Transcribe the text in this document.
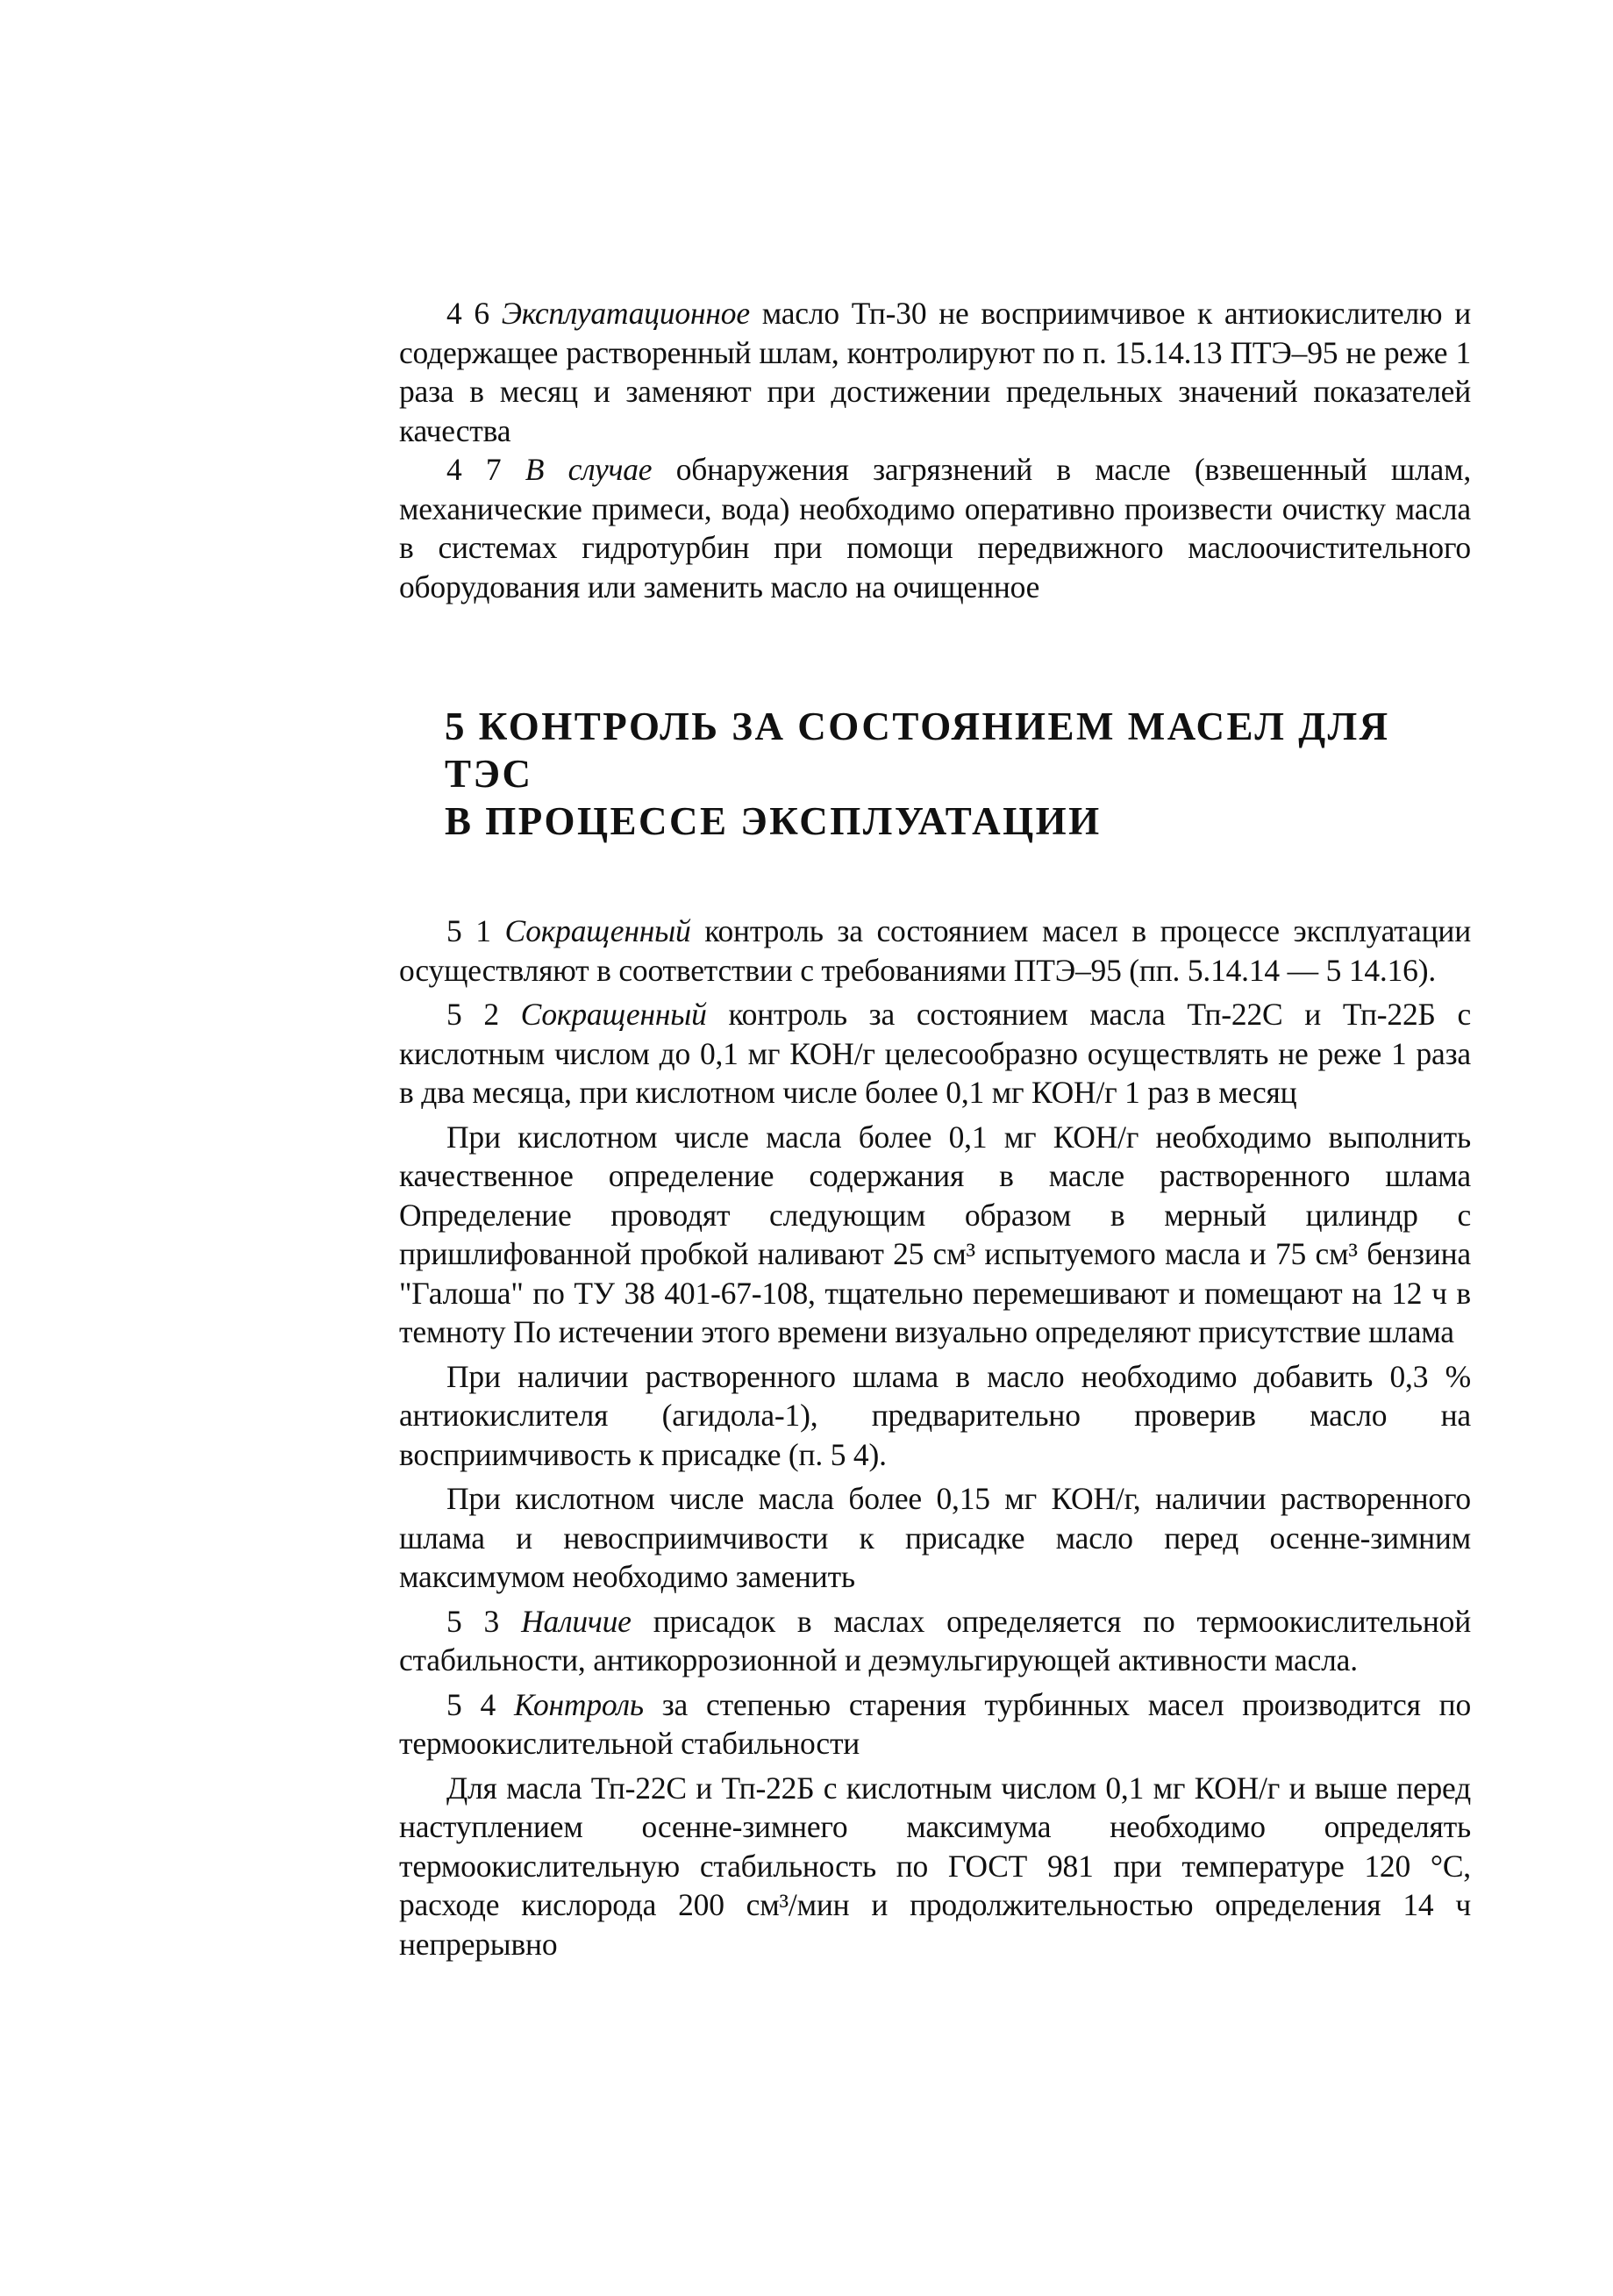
4 6 Эксплуатационное масло Тп-30 не восприимчивое к антиокислителю и содержащее растворенный шлам, контролируют по п. 15.14.13 ПТЭ–95 не реже 1 раза в месяц и заменяют при достижении предельных значений показателей качества

4 7 В случае обнаружения загрязнений в масле (взвешенный шлам, механические примеси, вода) необходимо оперативно произвести очистку масла в системах гидротурбин при помощи передвижного маслоочистительного оборудования или заменить масло на очищенное

5 КОНТРОЛЬ ЗА СОСТОЯНИЕМ МАСЕЛ ДЛЯ ТЭС
В ПРОЦЕССЕ ЭКСПЛУАТАЦИИ

5 1 Сокращенный контроль за состоянием масел в процессе эксплуатации осуществляют в соответствии с требованиями ПТЭ–95 (пп. 5.14.14 — 5 14.16).

5 2 Сокращенный контроль за состоянием масла Тп-22С и Тп-22Б с кислотным числом до 0,1 мг КОН/г целесообразно осуществлять не реже 1 раза в два месяца, при кислотном числе более 0,1 мг КОН/г 1 раз в месяц

При кислотном числе масла более 0,1 мг КОН/г необходимо выполнить качественное определение содержания в масле растворенного шлама Определение проводят следующим образом в мерный цилиндр с пришлифованной пробкой наливают 25 см³ испытуемого масла и 75 см³ бензина "Галоша" по ТУ 38 401-67-108, тщательно перемешивают и помещают на 12 ч в темноту По истечении этого времени визуально определяют присутствие шлама

При наличии растворенного шлама в масло необходимо добавить 0,3 % антиокислителя (агидола-1), предварительно проверив масло на восприимчивость к присадке (п. 5 4).

При кислотном числе масла более 0,15 мг КОН/г, наличии растворенного шлама и невосприимчивости к присадке масло перед осенне-зимним максимумом необходимо заменить

5 3 Наличие присадок в маслах определяется по термоокислительной стабильности, антикоррозионной и деэмульгирующей активности масла.

5 4 Контроль за степенью старения турбинных масел производится по термоокислительной стабильности

Для масла Тп-22С и Тп-22Б с кислотным числом 0,1 мг КОН/г и выше перед наступлением осенне-зимнего максимума необходимо определять термоокислительную стабильность по ГОСТ 981 при температуре 120 °С, расходе кислорода 200 см³/мин и продолжительностью определения 14 ч непрерывно
